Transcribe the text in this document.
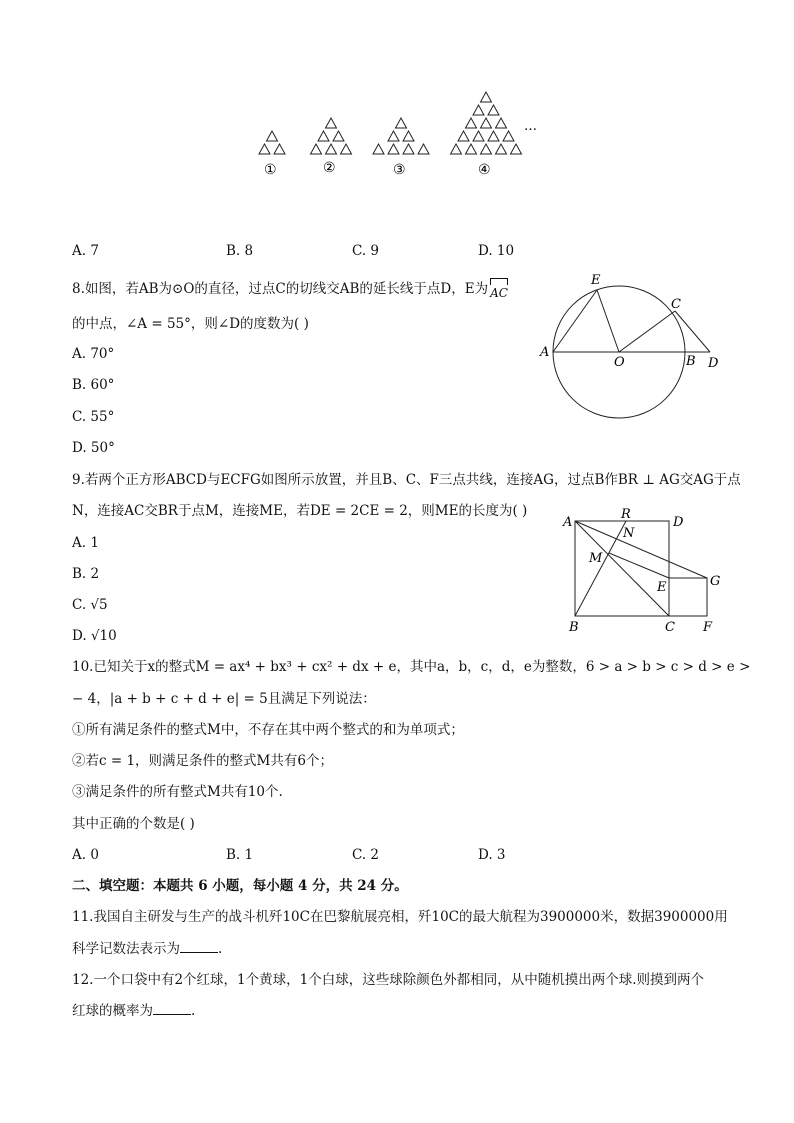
①	②	③	④
…
A. 7	B. 8	C. 9	D. 10
8.如图，若AB为⊙O的直径，过点C的切线交AB的延长线于点D，E为 AC
的中点，∠A = 55°，则∠D的度数为( )
A. 70°
B. 60°
C. 55°
D. 50°
A
E
C
O	B D
9.若两个正方形ABCD与ECFG如图所示放置，并且B、C、F三点共线，连接AG，过点B作BR ⊥ AG交AG于点
N，连接AC交BR于点M，连接ME，若DE = 2CE = 2，则ME的长度为( )
A. 1
B. 2
C. √5
D. √10
A
R
D
N
M
E	G
B	C F
10.已知关于x的整式M = ax⁴ + bx³ + cx² + dx + e，其中a，b，c，d，e为整数，6 > a > b > c > d > e >
− 4，|a + b + c + d + e| = 5且满足下列说法：
①所有满足条件的整式M中，不存在其中两个整式的和为单项式；
②若c = 1，则满足条件的整式M共有6个；
③满足条件的所有整式M共有10个.
其中正确的个数是( )
A. 0	B. 1	C. 2	D. 3
二、填空题：本题共 6 小题，每小题 4 分，共 24 分。
11.我国自主研发与生产的战斗机歼10C在巴黎航展亮相，歼10C的最大航程为3900000米，数据3900000用
科学记数法表示为	.
12.一个口袋中有2个红球，1个黄球，1个白球，这些球除颜色外都相同，从中随机摸出两个球.则摸到两个
红球的概率为	.
